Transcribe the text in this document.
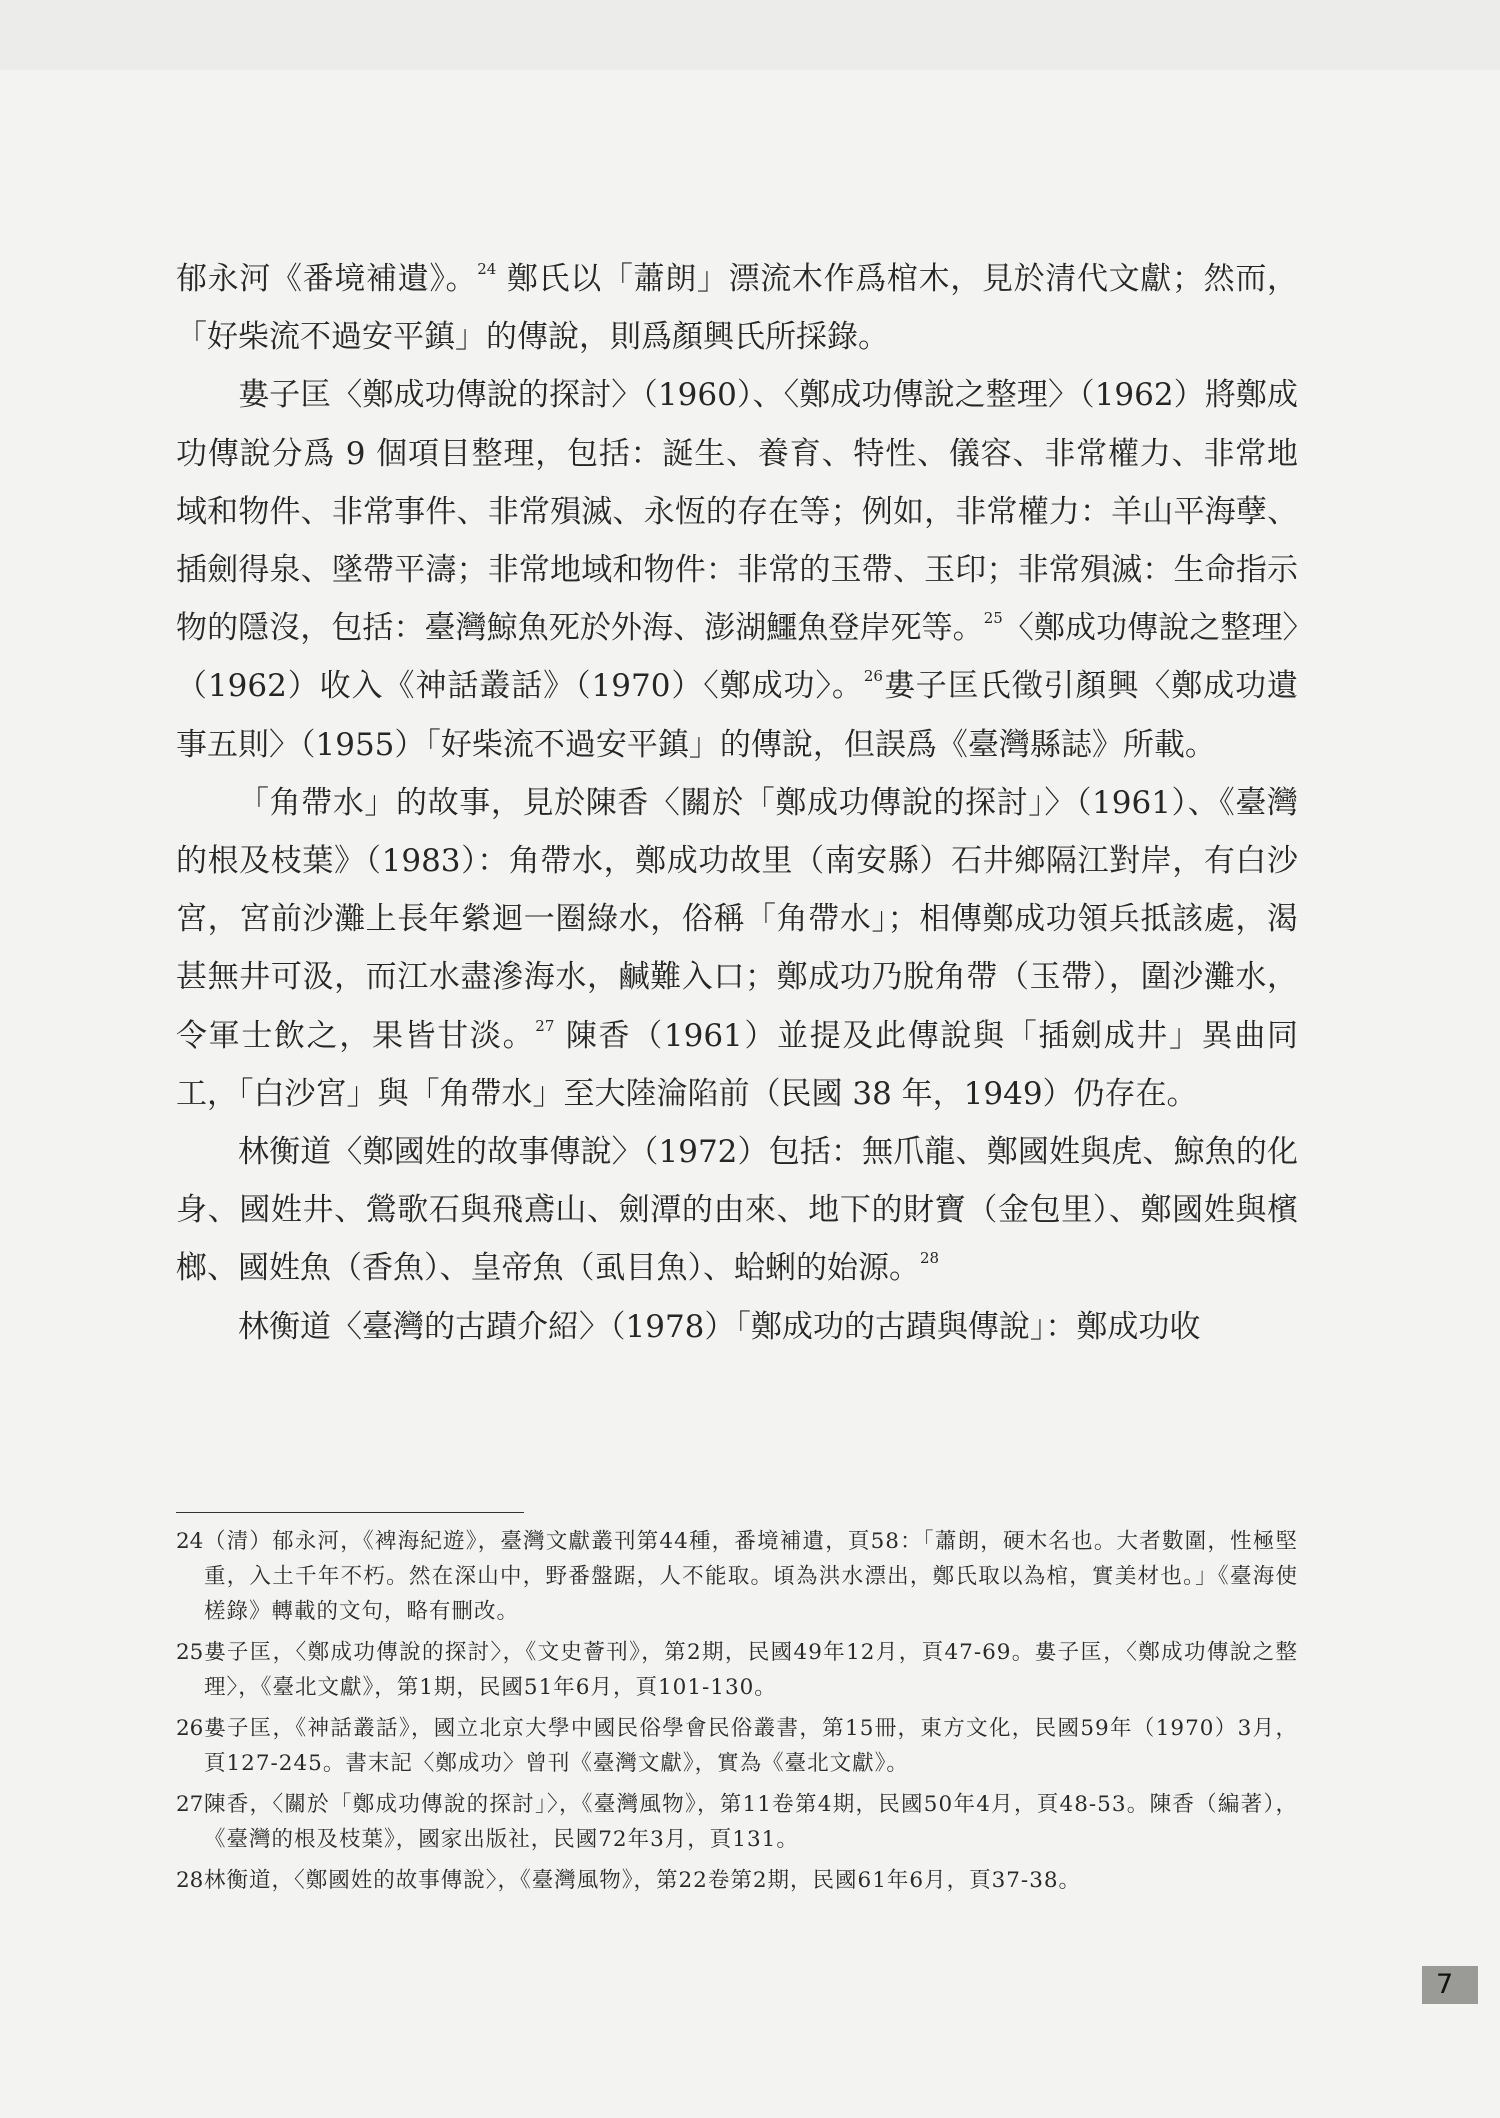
郁永河《番境補遺》。$^{24}$ 鄭氏以「蕭朗」漂流木作爲棺木，見於清代文獻；然而，「好柴流不過安平鎮」的傳說，則爲顏興氏所採錄。

婁子匡〈鄭成功傳說的探討〉（1960）、〈鄭成功傳說之整理〉（1962）將鄭成功傳說分爲 9 個項目整理，包括：誕生、養育、特性、儀容、非常權力、非常地域和物件、非常事件、非常殞滅、永恆的存在等；例如，非常權力：羊山平海孽、插劍得泉、墜帶平濤；非常地域和物件：非常的玉帶、玉印；非常殞滅：生命指示物的隱沒，包括：臺灣鯨魚死於外海、澎湖鱷魚登岸死等。$^{25}$〈鄭成功傳說之整理〉（1962）收入《神話叢話》（1970）〈鄭成功〉。$^{26}$婁子匡氏徵引顏興〈鄭成功遺事五則〉（1955）「好柴流不過安平鎮」的傳說，但誤爲《臺灣縣誌》所載。

「角帶水」的故事，見於陳香〈關於「鄭成功傳說的探討」〉（1961）、《臺灣的根及枝葉》（1983）：角帶水，鄭成功故里（南安縣）石井鄉隔江對岸，有白沙宮，宮前沙灘上長年縈迴一圈綠水，俗稱「角帶水」；相傳鄭成功領兵抵該處，渴甚無井可汲，而江水盡滲海水，鹹難入口；鄭成功乃脫角帶（玉帶），圍沙灘水，令軍士飲之，果皆甘淡。$^{27}$ 陳香（1961）並提及此傳說與「插劍成井」異曲同工，「白沙宮」與「角帶水」至大陸淪陷前（民國 38 年，1949）仍存在。

林衡道〈鄭國姓的故事傳說〉（1972）包括：無爪龍、鄭國姓與虎、鯨魚的化身、國姓井、鶯歌石與飛鳶山、劍潭的由來、地下的財寶（金包里）、鄭國姓與檳榔、國姓魚（香魚）、皇帝魚（虱目魚）、蛤蜊的始源。$^{28}$

林衡道〈臺灣的古蹟介紹〉（1978）「鄭成功的古蹟與傳說」：鄭成功收

24 （清）郁永河，《裨海紀遊》，臺灣文獻叢刊第44種，番境補遺，頁58：「蕭朗，硬木名也。大者數圍，性極堅重，入土千年不朽。然在深山中，野番盤踞，人不能取。頃為洪水漂出，鄭氏取以為棺，實美材也。」《臺海使槎錄》轉載的文句，略有刪改。
25 婁子匡，〈鄭成功傳說的探討〉，《文史薈刊》，第2期，民國49年12月，頁47-69。婁子匡，〈鄭成功傳說之整理〉，《臺北文獻》，第1期，民國51年6月，頁101-130。
26 婁子匡，《神話叢話》，國立北京大學中國民俗學會民俗叢書，第15冊，東方文化，民國59年（1970）3月，頁127-245。書末記〈鄭成功〉曾刊《臺灣文獻》，實為《臺北文獻》。
27 陳香，〈關於「鄭成功傳說的探討」〉，《臺灣風物》，第11卷第4期，民國50年4月，頁48-53。陳香（編著），《臺灣的根及枝葉》，國家出版社，民國72年3月，頁131。
28 林衡道，〈鄭國姓的故事傳說〉，《臺灣風物》，第22卷第2期，民國61年6月，頁37-38。
7
